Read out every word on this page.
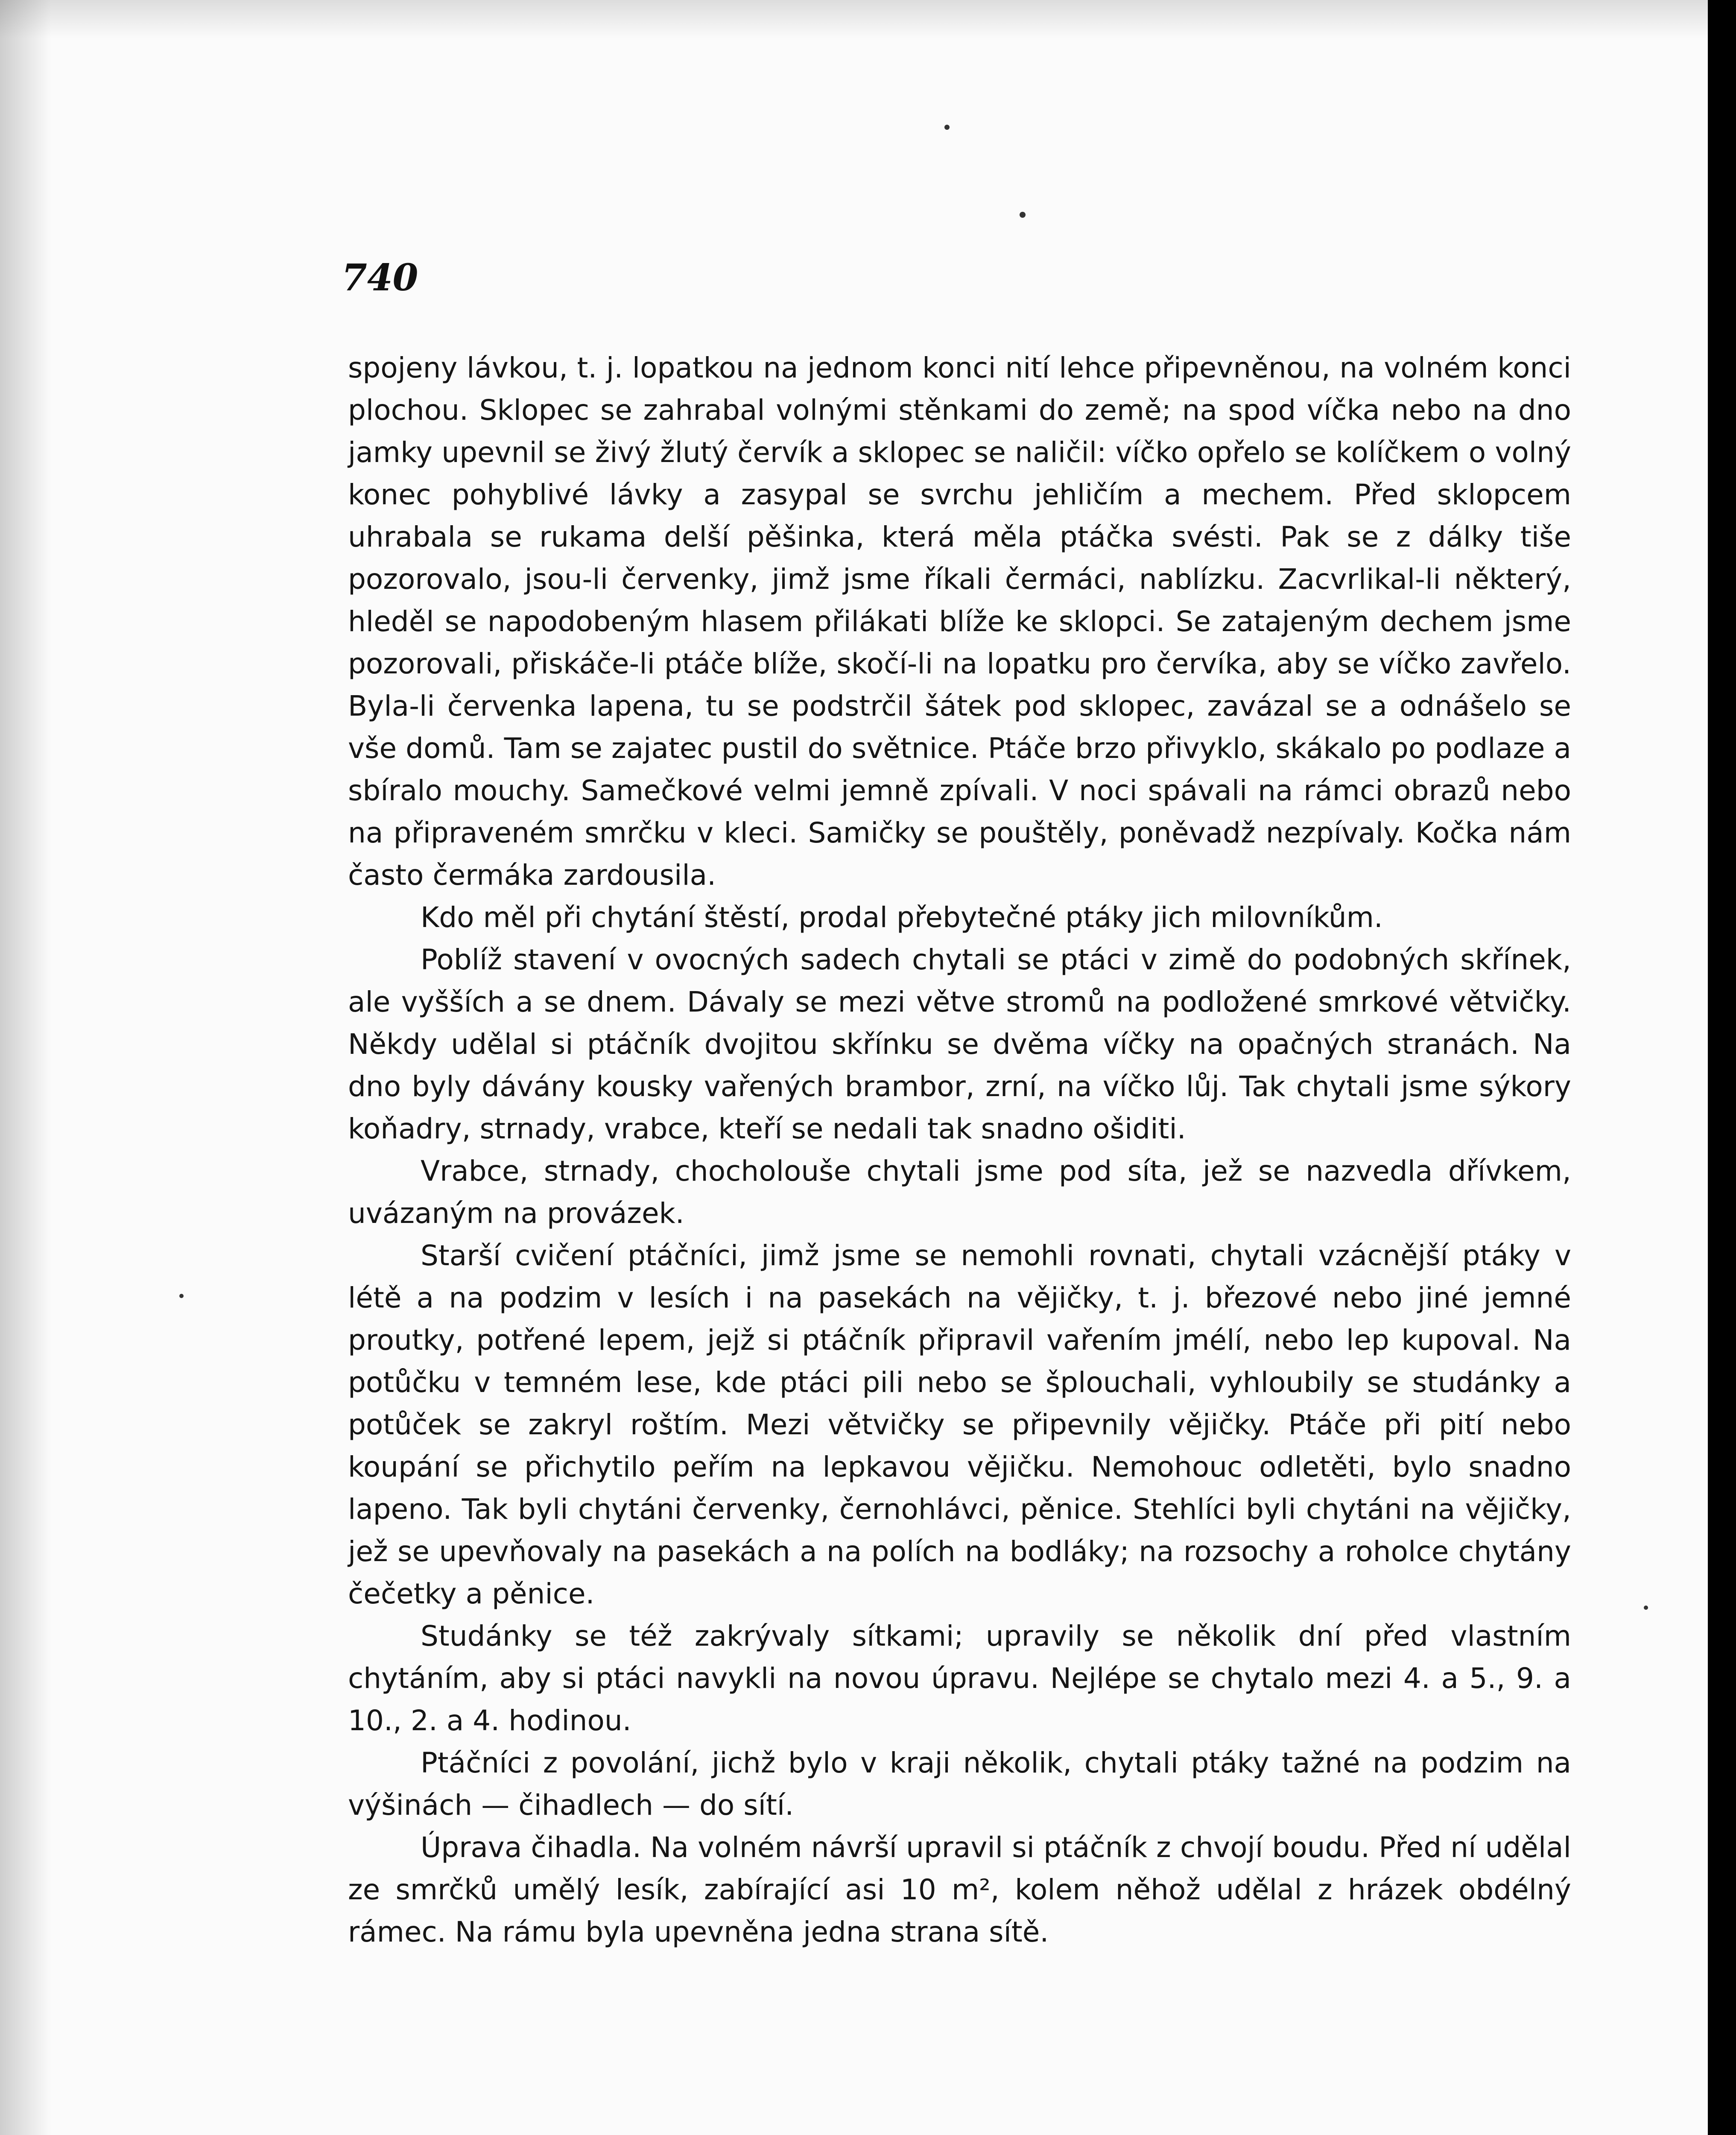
740

spojeny lávkou, t. j. lopatkou na jednom konci nití lehce připevněnou, na volném konci plochou. Sklopec se zahrabal volnými stěnkami do země; na spod víčka nebo na dno jamky upevnil se živý žlutý červík a sklopec se naličil: víčko opřelo se kolíčkem o volný konec pohyblivé lávky a zasypal se svrchu jehličím a mechem. Před sklopcem uhrabala se rukama delší pěšinka, která měla ptáčka svésti. Pak se z dálky tiše pozorovalo, jsou-li červenky, jimž jsme říkali čermáci, nablízku. Zacvrlikal-li některý, hleděl se napodobeným hlasem přilákati blíže ke sklopci. Se zatajeným dechem jsme pozorovali, přiskáče-li ptáče blíže, skočí-li na lopatku pro červíka, aby se víčko zavřelo. Byla-li červenka lapena, tu se podstrčil šátek pod sklopec, zavázal se a odnášelo se vše domů. Tam se zajatec pustil do světnice. Ptáče brzo přivyklo, skákalo po podlaze a sbíralo mouchy. Samečkové velmi jemně zpívali. V noci spávali na rámci obrazů nebo na připraveném smrčku v kleci. Samičky se pouštěly, poněvadž nezpívaly. Kočka nám často čermáka zardousila.

Kdo měl při chytání štěstí, prodal přebytečné ptáky jich milovníkům.

Poblíž stavení v ovocných sadech chytali se ptáci v zimě do podobných skřínek, ale vyšších a se dnem. Dávaly se mezi větve stromů na podložené smrkové větvičky. Někdy udělal si ptáčník dvojitou skřínku se dvěma víčky na opačných stranách. Na dno byly dávány kousky vařených brambor, zrní, na víčko lůj. Tak chytali jsme sýkory koňadry, strnady, vrabce, kteří se nedali tak snadno ošiditi.

Vrabce, strnady, chocholouše chytali jsme pod síta, jež se nazvedla dřívkem, uvázaným na provázek.

Starší cvičení ptáčníci, jimž jsme se nemohli rovnati, chytali vzácnější ptáky v létě a na podzim v lesích i na pasekách na vějičky, t. j. březové nebo jiné jemné proutky, potřené lepem, jejž si ptáčník připravil vařením jmélí, nebo lep kupoval. Na potůčku v temném lese, kde ptáci pili nebo se šplouchali, vyhloubily se studánky a potůček se zakryl roštím. Mezi větvičky se připevnily vějičky. Ptáče při pití nebo koupání se přichytilo peřím na lepkavou vějičku. Nemohouc odletěti, bylo snadno lapeno. Tak byli chytáni červenky, černohlávci, pěnice. Stehlíci byli chytáni na vějičky, jež se upevňovaly na pasekách a na polích na bodláky; na rozsochy a roholce chytány čečetky a pěnice.

Studánky se též zakrývaly sítkami; upravily se několik dní před vlastním chytáním, aby si ptáci navykli na novou úpravu. Nejlépe se chytalo mezi 4. a 5., 9. a 10., 2. a 4. hodinou.

Ptáčníci z povolání, jichž bylo v kraji několik, chytali ptáky tažné na podzim na výšinách — čihadlech — do sítí.

Úprava čihadla. Na volném návrší upravil si ptáčník z chvojí boudu. Před ní udělal ze smrčků umělý lesík, zabírající asi 10 m², kolem něhož udělal z hrázek obdélný rámec. Na rámu byla upevněna jedna strana sítě.
